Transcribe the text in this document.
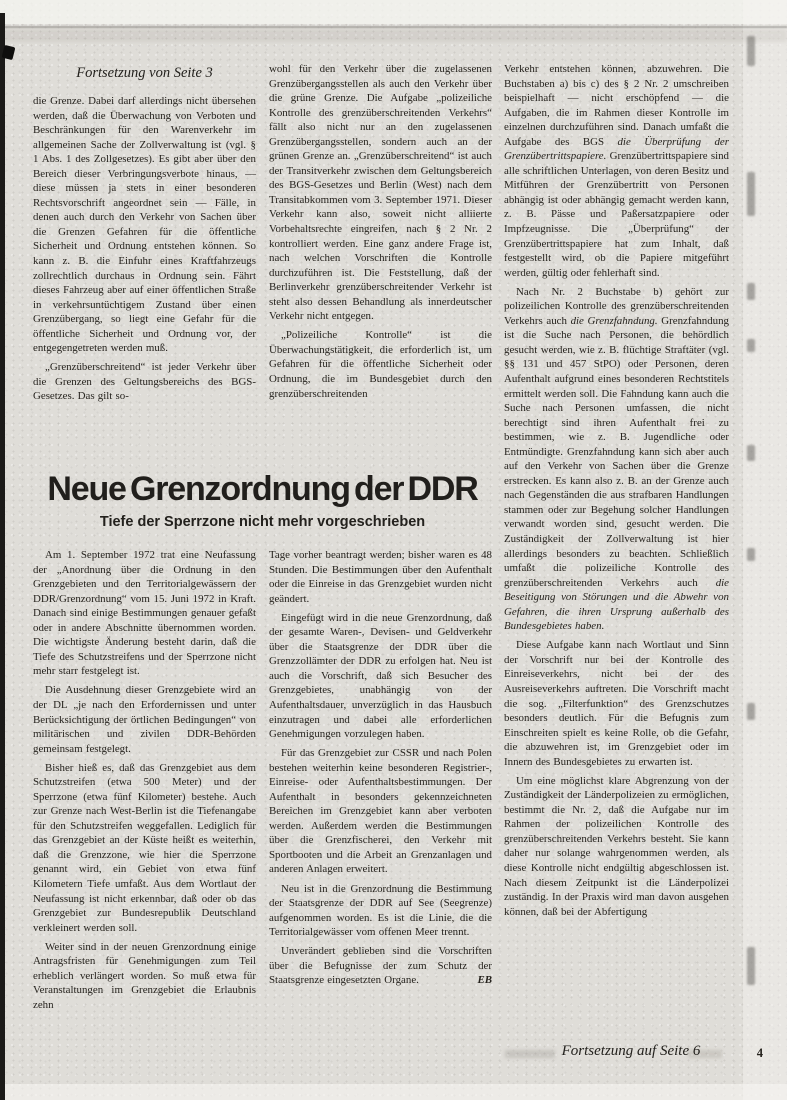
Fortsetzung von Seite 3

die Grenze. Dabei darf allerdings nicht übersehen werden, daß die Überwachung von Verboten und Beschränkungen für den Warenverkehr im allgemeinen Sache der Zollverwaltung ist (vgl. § 1 Abs. 1 des Zollgesetzes). Es gibt aber über den Bereich dieser Verbringungsverbote hinaus, — diese müssen ja stets in einer besonderen Rechtsvorschrift angeordnet sein — Fälle, in denen auch durch den Verkehr von Sachen über die Grenzen Gefahren für die öffentliche Sicherheit und Ordnung entstehen können. So kann z. B. die Einfuhr eines Kraftfahrzeugs zollrechtlich durchaus in Ordnung sein. Fährt dieses Fahrzeug aber auf einer öffentlichen Straße in verkehrsuntüchtigem Zustand über einen Grenzübergang, so liegt eine Gefahr für die öffentliche Sicherheit und Ordnung vor, der entgegengetreten werden muß.

„Grenzüberschreitend“ ist jeder Verkehr über die Grenzen des Geltungsbereichs des BGS-Gesetzes. Das gilt so-

wohl für den Verkehr über die zugelassenen Grenzübergangsstellen als auch den Verkehr über die grüne Grenze. Die Aufgabe „polizeiliche Kontrolle des grenzüberschreitenden Verkehrs“ fällt also nicht nur an den zugelassenen Grenzübergangsstellen, sondern auch an der grünen Grenze an. „Grenzüberschreitend“ ist auch der Transitverkehr zwischen dem Geltungsbereich des BGS-Gesetzes und Berlin (West) nach dem Transitabkommen vom 3. September 1971. Dieser Verkehr kann also, soweit nicht alliierte Vorbehaltsrechte eingreifen, nach § 2 Nr. 2 kontrolliert werden. Eine ganz andere Frage ist, nach welchen Vorschriften die Kontrolle durchzuführen ist. Die Feststellung, daß der Berlinverkehr grenzüberschreitender Verkehr ist steht also dessen Behandlung als innerdeutscher Verkehr nicht entgegen.

„Polizeiliche Kontrolle“ ist die Überwachungstätigkeit, die erforderlich ist, um Gefahren für die öffentliche Sicherheit oder Ordnung, die im Bundesgebiet durch den grenzüberschreitenden

Neue Grenzordnung der DDR
Tiefe der Sperrzone nicht mehr vorgeschrieben

Am 1. September 1972 trat eine Neufassung der „Anordnung über die Ordnung in den Grenzgebieten und den Territorialgewässern der DDR/Grenzordnung“ vom 15. Juni 1972 in Kraft. Danach sind einige Bestimmungen genauer gefaßt oder in andere Abschnitte übernommen worden. Die wichtigste Änderung besteht darin, daß die Tiefe des Schutzstreifens und der Sperrzone nicht mehr starr festgelegt ist.

Die Ausdehnung dieser Grenzgebiete wird an der DL „je nach den Erfordernissen und unter Berücksichtigung der örtlichen Bedingungen“ von militärischen und zivilen DDR-Behörden gemeinsam festgelegt.

Bisher hieß es, daß das Grenzgebiet aus dem Schutzstreifen (etwa 500 Meter) und der Sperrzone (etwa fünf Kilometer) bestehe. Auch zur Grenze nach West-Berlin ist die Tiefenangabe für den Schutzstreifen weggefallen. Lediglich für das Grenzgebiet an der Küste heißt es weiterhin, daß die Grenzzone, wie hier die Sperrzone genannt wird, ein Gebiet von etwa fünf Kilometern Tiefe umfaßt. Aus dem Wortlaut der Neufassung ist nicht erkennbar, daß oder ob das Grenzgebiet zur Bundesrepublik Deutschland verkleinert werden soll.

Weiter sind in der neuen Grenzordnung einige Antragsfristen für Genehmigungen zum Teil erheblich verlängert worden. So muß etwa für Veranstaltungen im Grenzgebiet die Erlaubnis zehn

Tage vorher beantragt werden; bisher waren es 48 Stunden. Die Bestimmungen über den Aufenthalt oder die Einreise in das Grenzgebiet wurden nicht geändert.

Eingefügt wird in die neue Grenzordnung, daß der gesamte Waren-, Devisen- und Geldverkehr über die Staatsgrenze der DDR über die Grenzzollämter der DDR zu erfolgen hat. Neu ist auch die Vorschrift, daß sich Besucher des Grenzgebietes, unabhängig von der Aufenthaltsdauer, unverzüglich in das Hausbuch einzutragen und dabei alle erforderlichen Genehmigungen vorzulegen haben.

Für das Grenzgebiet zur CSSR und nach Polen bestehen weiterhin keine besonderen Registrier-, Einreise- oder Aufenthaltsbestimmungen. Der Aufenthalt in besonders gekennzeichneten Bereichen im Grenzgebiet kann aber verboten werden. Außerdem werden die Bestimmungen über die Grenzfischerei, den Verkehr mit Sportbooten und die Arbeit an Grenzanlagen und anderen Anlagen erweitert.

Neu ist in die Grenzordnung die Bestimmung der Staatsgrenze der DDR auf See (Seegrenze) aufgenommen worden. Es ist die Linie, die die Territorialgewässer vom offenen Meer trennt.

Unverändert geblieben sind die Vorschriften über die Befugnisse der zum Schutz der Staatsgrenze eingesetzten Organe.	EB

Verkehr entstehen können, abzuwehren. Die Buchstaben a) bis c) des § 2 Nr. 2 umschreiben beispielhaft — nicht erschöpfend — die Aufgaben, die im Rahmen dieser Kontrolle im einzelnen durchzuführen sind. Danach umfaßt die Aufgabe des BGS die Überprüfung der Grenzübertrittspapiere. Grenzübertrittspapiere sind alle schriftlichen Unterlagen, von deren Besitz und Mitführen der Grenzübertritt von Personen abhängig ist oder abhängig gemacht werden kann, z. B. Pässe und Paßersatzpapiere oder Impfzeugnisse. Die „Überprüfung“ der Grenzübertrittspapiere hat zum Inhalt, daß festgestellt wird, ob die Papiere mitgeführt werden, gültig oder fehlerhaft sind.

Nach Nr. 2 Buchstabe b) gehört zur polizeilichen Kontrolle des grenzüberschreitenden Verkehrs auch die Grenzfahndung. Grenzfahndung ist die Suche nach Personen, die behördlich gesucht werden, wie z. B. flüchtige Straftäter (vgl. §§ 131 und 457 StPO) oder Personen, deren Aufenthalt aufgrund eines besonderen Rechtstitels ermittelt werden soll. Die Fahndung kann auch die Suche nach Personen umfassen, die nicht berechtigt sind ihren Aufenthalt frei zu bestimmen, wie z. B. Jugendliche oder Entmündigte. Grenzfahndung kann sich aber auch auf den Verkehr von Sachen über die Grenze erstrecken. Es kann also z. B. an der Grenze auch nach Gegenständen die aus strafbaren Handlungen stammen oder zur Begehung solcher Handlungen verwandt worden sind, gesucht werden. Die Zuständigkeit der Zollverwaltung ist hier allerdings besonders zu beachten. Schließlich umfaßt die polizeiliche Kontrolle des grenzüberschreitenden Verkehrs auch die Beseitigung von Störungen und die Abwehr von Gefahren, die ihren Ursprung außerhalb des Bundesgebietes haben.

Diese Aufgabe kann nach Wortlaut und Sinn der Vorschrift nur bei der Kontrolle des Einreiseverkehrs, nicht bei der des Ausreiseverkehrs auftreten. Die Vorschrift macht die sog. „Filterfunktion“ des Grenzschutzes besonders deutlich. Für die Befugnis zum Einschreiten spielt es keine Rolle, ob die Gefahr, die abzuwehren ist, im Grenzgebiet oder im Innern des Bundesgebietes zu erwarten ist.

Um eine möglichst klare Abgrenzung von der Zuständigkeit der Länderpolizeien zu ermöglichen, bestimmt die Nr. 2, daß die Aufgabe nur im Rahmen der polizeilichen Kontrolle des grenzüberschreitenden Verkehrs besteht. Sie kann daher nur solange wahrgenommen werden, als diese Kontrolle nicht endgültig abgeschlossen ist. Nach diesem Zeitpunkt ist die Länderpolizei zuständig. In der Praxis wird man davon ausgehen können, daß bei der Abfertigung

Fortsetzung auf Seite 6	4
